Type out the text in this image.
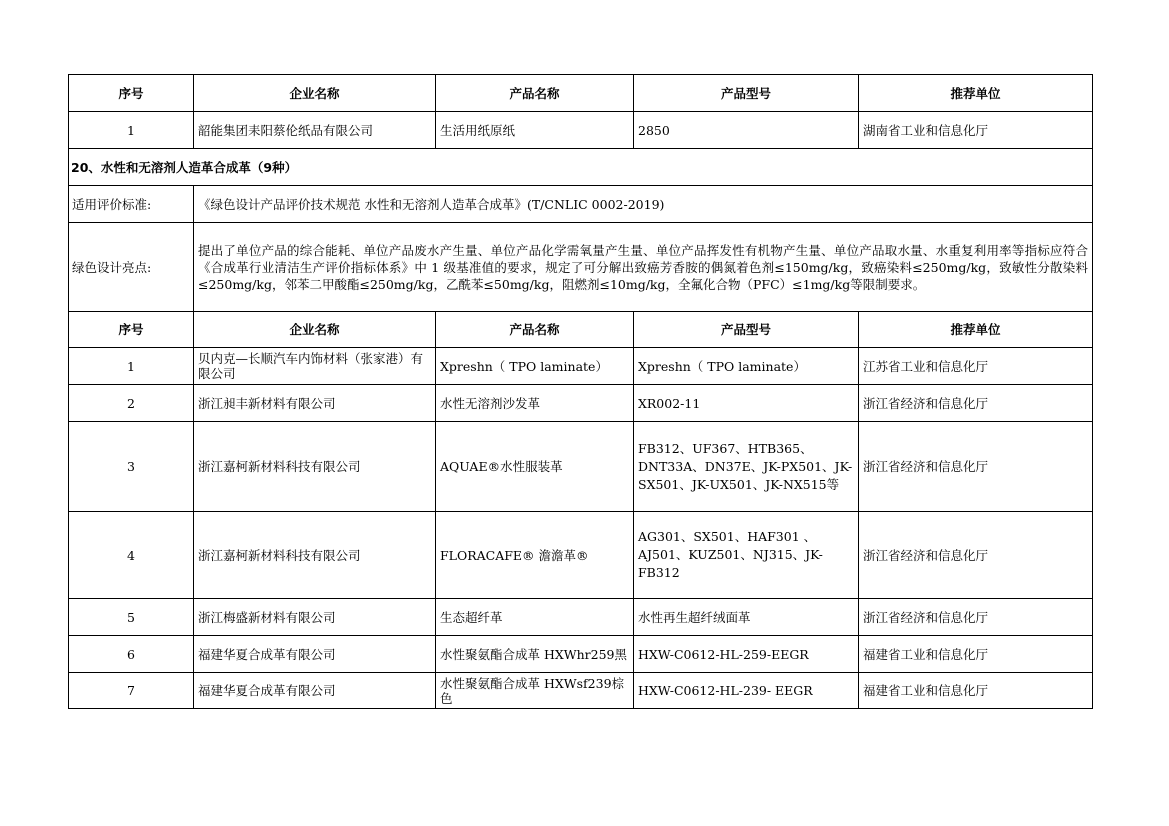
序号	企业名称	产品名称	产品型号	推荐单位
1	韶能集团耒阳蔡伦纸品有限公司	生活用纸原纸	2850	湖南省工业和信息化厅
20、水性和无溶剂人造革合成革（9种）				
适用评价标准:	《绿色设计产品评价技术规范 水性和无溶剂人造革合成革》(T/CNLIC 0002-2019)			
绿色设计亮点:	提出了单位产品的综合能耗、单位产品废水产生量、单位产品化学需氧量产生量、单位产品挥发性有机物产生量、单位产品取水量、水重复利用率等指标应符合《合成革行业清洁生产评价指标体系》中 1 级基准值的要求，规定了可分解出致癌芳香胺的偶氮着色剂≤150mg/kg，致癌染料≤250mg/kg，致敏性分散染料≤250mg/kg，邻苯二甲酸酯≤250mg/kg，乙酰苯≤50mg/kg，阻燃剂≤10mg/kg，全氟化合物（PFC）≤1mg/kg等限制要求。			
序号	企业名称	产品名称	产品型号	推荐单位
1	贝内克—长顺汽车内饰材料（张家港）有限公司	Xpreshn（ TPO laminate）	Xpreshn（ TPO laminate）	江苏省工业和信息化厅
2	浙江昶丰新材料有限公司	水性无溶剂沙发革	XR002-11	浙江省经济和信息化厅
3	浙江嘉柯新材料科技有限公司	AQUAE®水性服装革	FB312、UF367、HTB365、DNT33A、DN37E、JK-PX501、JK-SX501、JK-UX501、JK-NX515等	浙江省经济和信息化厅
4	浙江嘉柯新材料科技有限公司	FLORACAFE® 澹澹革®	AG301、SX501、HAF301 、AJ501、KUZ501、NJ315、JK-FB312	浙江省经济和信息化厅
5	浙江梅盛新材料有限公司	生态超纤革	水性再生超纤绒面革	浙江省经济和信息化厅
6	福建华夏合成革有限公司	水性聚氨酯合成革 HXWhr259黑	HXW-C0612-HL-259-EEGR	福建省工业和信息化厅
7	福建华夏合成革有限公司	水性聚氨酯合成革 HXWsf239棕色	HXW-C0612-HL-239- EEGR	福建省工业和信息化厅
